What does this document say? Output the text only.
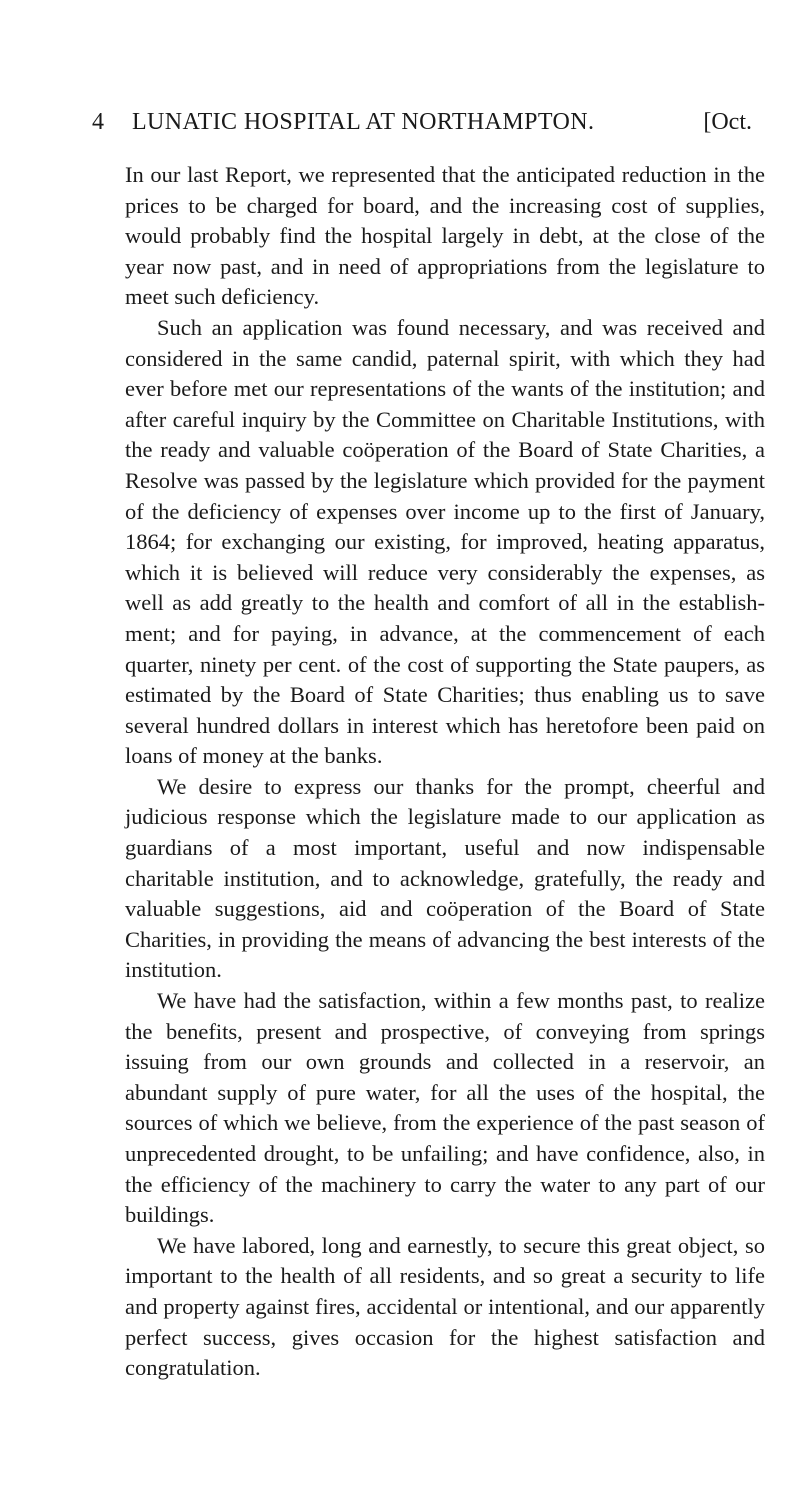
4 LUNATIC HOSPITAL AT NORTHAMPTON.	[Oct.

In our last Report, we represented that the anticipated reduction in the prices to be charged for board, and the increasing cost of supplies, would probably find the hospital largely in debt, at the close of the year now past, and in need of appropriations from the legislature to meet such deficiency.

Such an application was found necessary, and was received and considered in the same candid, paternal spirit, with which they had ever before met our representations of the wants of the institution; and after careful inquiry by the Committee on Charitable Institutions, with the ready and valuable coöperation of the Board of State Charities, a Resolve was passed by the legislature which provided for the payment of the deficiency of expenses over income up to the first of January, 1864; for exchanging our existing, for improved, heating apparatus, which it is believed will reduce very considerably the expenses, as well as add greatly to the health and comfort of all in the establishment; and for paying, in advance, at the commencement of each quarter, ninety per cent. of the cost of supporting the State paupers, as estimated by the Board of State Charities; thus enabling us to save several hundred dollars in interest which has heretofore been paid on loans of money at the banks.

We desire to express our thanks for the prompt, cheerful and judicious response which the legislature made to our application as guardians of a most important, useful and now indispensable charitable institution, and to acknowledge, gratefully, the ready and valuable suggestions, aid and coöperation of the Board of State Charities, in providing the means of advancing the best interests of the institution.

We have had the satisfaction, within a few months past, to realize the benefits, present and prospective, of conveying from springs issuing from our own grounds and collected in a reservoir, an abundant supply of pure water, for all the uses of the hospital, the sources of which we believe, from the experience of the past season of unprecedented drought, to be unfailing; and have confidence, also, in the efficiency of the machinery to carry the water to any part of our buildings.

We have labored, long and earnestly, to secure this great object, so important to the health of all residents, and so great a security to life and property against fires, accidental or intentional, and our apparently perfect success, gives occasion for the highest satisfaction and congratulation.
